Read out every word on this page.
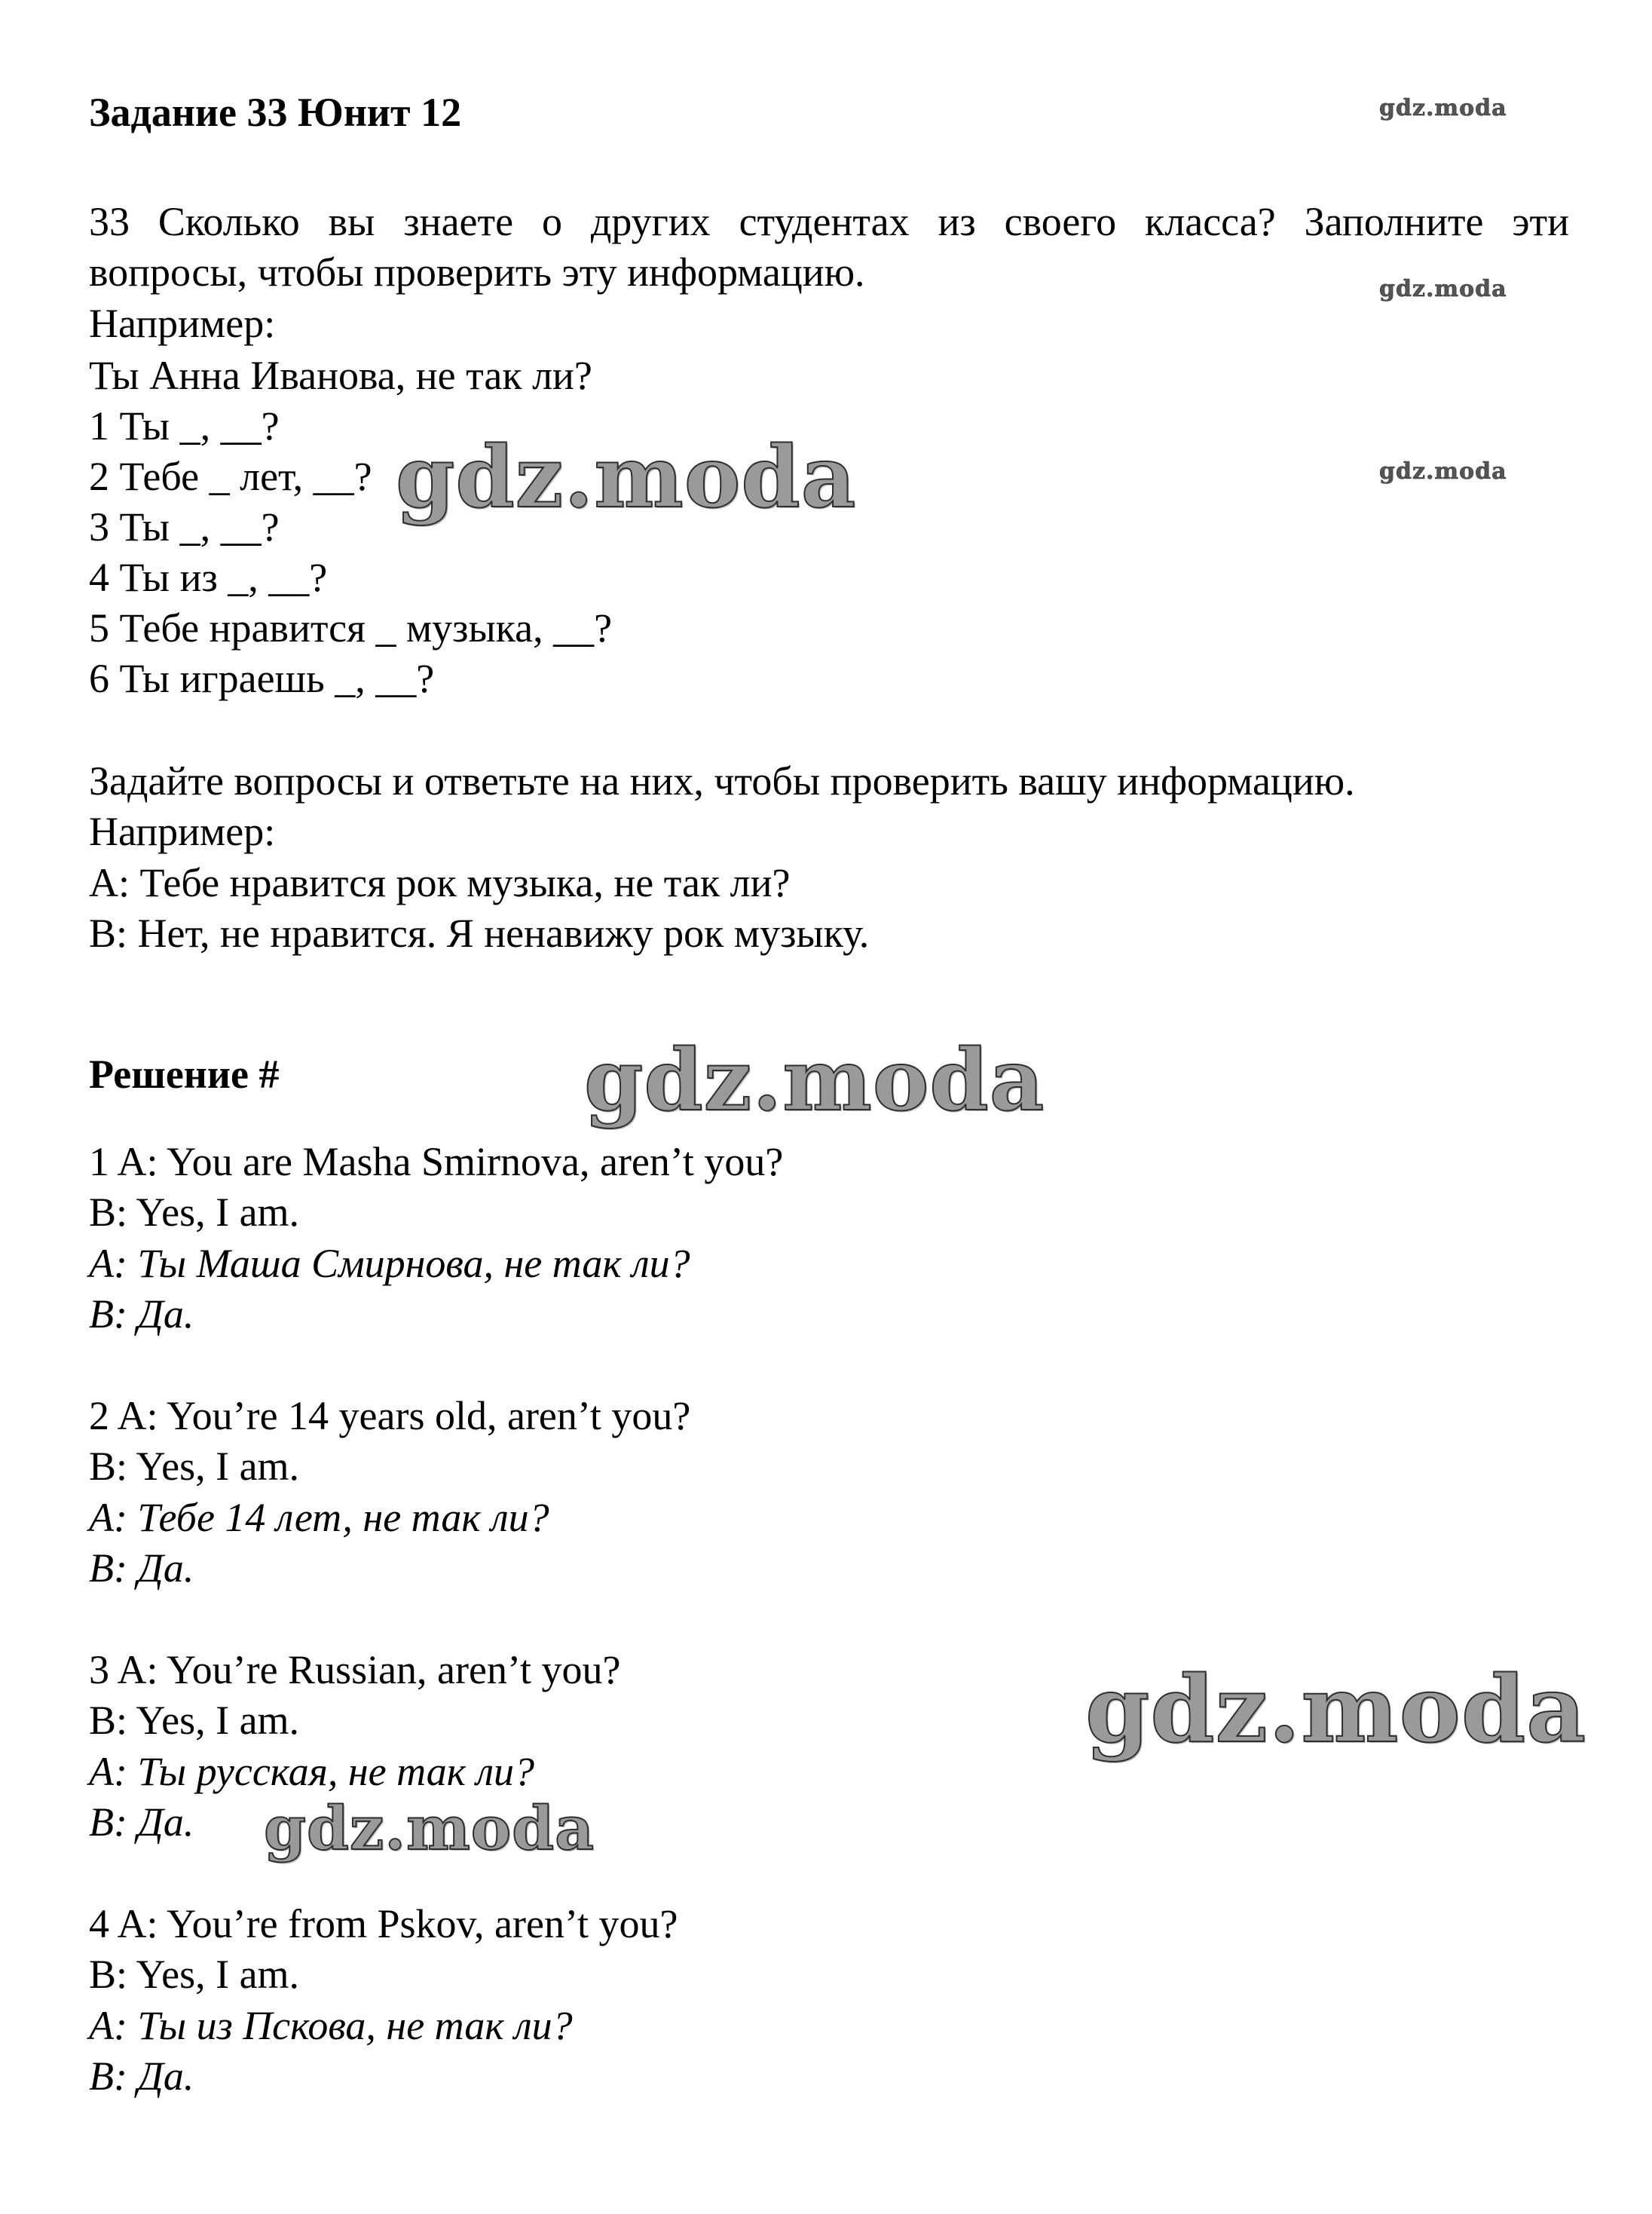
Задание 33 Юнит 12

33 Сколько вы знаете о других студентах из своего класса? Заполните эти

вопросы, чтобы проверить эту информацию.

Например:

Ты Анна Иванова, не так ли?

1 Ты _, __?

2 Тебе _ лет, __?

3 Ты _, __?

4 Ты из _, __?

5 Тебе нравится _ музыка, __?

6 Ты играешь _, __?

Задайте вопросы и ответьте на них, чтобы проверить вашу информацию.

Например:

A: Тебе нравится рок музыка, не так ли?

B: Нет, не нравится. Я ненавижу рок музыку.

Решение #

1 A: You are Masha Smirnova, aren’t you?

B: Yes, I am.

A: Ты Маша Смирнова, не так ли?

B: Да.

2 A: You’re 14 years old, aren’t you?

B: Yes, I am.

A: Тебе 14 лет, не так ли?

B: Да.

3 A: You’re Russian, aren’t you?

B: Yes, I am.

A: Ты русская, не так ли?

B: Да.

4 A: You’re from Pskov, aren’t you?

B: Yes, I am.

A: Ты из Пскова, не так ли?

B: Да.

gdz.moda
gdz.moda
gdz.moda
gdz.moda
gdz.moda
gdz.moda
gdz.moda
